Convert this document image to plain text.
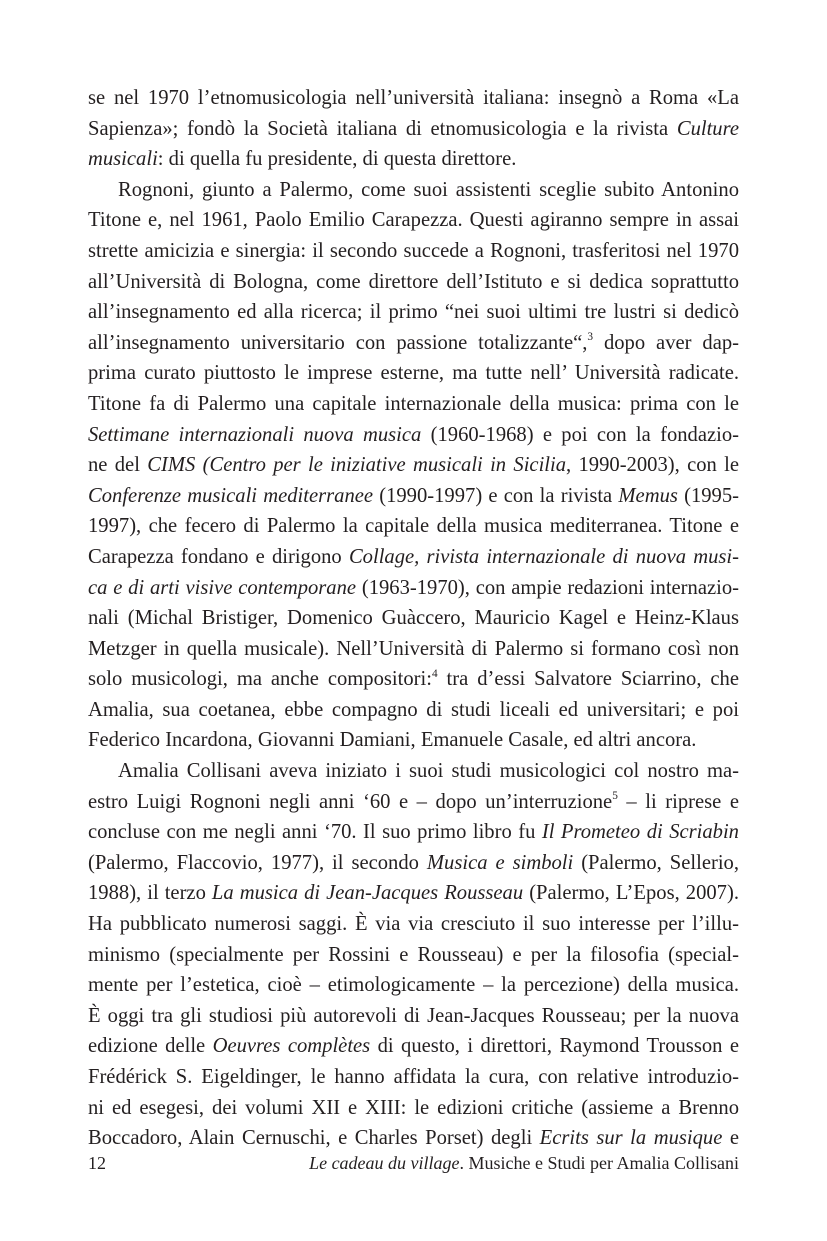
se nel 1970 l’etnomusicologia nell’università italiana: insegnò a Roma «La
Sapienza»; fondò la Società italiana di etnomusicologia e la rivista Culture
musicali: di quella fu presidente, di questa direttore.
Rognoni, giunto a Palermo, come suoi assistenti sceglie subito Antonino
Titone e, nel 1961, Paolo Emilio Carapezza. Questi agiranno sempre in assai
strette amicizia e sinergia: il secondo succede a Rognoni, trasferitosi nel 1970
all’Università di Bologna, come direttore dell’Istituto e si dedica soprattutto
all’insegnamento ed alla ricerca; il primo “nei suoi ultimi tre lustri si dedicò
all’insegnamento universitario con passione totalizzante“,$^3$ dopo aver dap-
prima curato piuttosto le imprese esterne, ma tutte nell’ Università radicate.
Titone fa di Palermo una capitale internazionale della musica: prima con le
Settimane internazionali nuova musica (1960-1968) e poi con la fondazio-
ne del CIMS (Centro per le iniziative musicali in Sicilia, 1990-2003), con le
Conferenze musicali mediterranee (1990-1997) e con la rivista Memus (1995-
1997), che fecero di Palermo la capitale della musica mediterranea. Titone e
Carapezza fondano e dirigono Collage, rivista internazionale di nuova musi-
ca e di arti visive contemporane (1963-1970), con ampie redazioni internazio-
nali (Michal Bristiger, Domenico Guàccero, Mauricio Kagel e Heinz-Klaus
Metzger in quella musicale). Nell’Università di Palermo si formano così non
solo musicologi, ma anche compositori:$^4$ tra d’essi Salvatore Sciarrino, che
Amalia, sua coetanea, ebbe compagno di studi liceali ed universitari; e poi
Federico Incardona, Giovanni Damiani, Emanuele Casale, ed altri ancora.
Amalia Collisani aveva iniziato i suoi studi musicologici col nostro ma-
estro Luigi Rognoni negli anni ‘60 e – dopo un’interruzione$^5$ – li riprese e
concluse con me negli anni ‘70. Il suo primo libro fu Il Prometeo di Scriabin
(Palermo, Flaccovio, 1977), il secondo Musica e simboli (Palermo, Sellerio,
1988), il terzo La musica di Jean-Jacques Rousseau (Palermo, L’Epos, 2007).
Ha pubblicato numerosi saggi. È via via cresciuto il suo interesse per l’illu-
minismo (specialmente per Rossini e Rousseau) e per la filosofia (special-
mente per l’estetica, cioè – etimologicamente – la percezione) della musica.
È oggi tra gli studiosi più autorevoli di Jean-Jacques Rousseau; per la nuova
edizione delle Oeuvres complètes di questo, i direttori, Raymond Trousson e
Frédérick S. Eigeldinger, le hanno affidata la cura, con relative introduzio-
ni ed esegesi, dei volumi XII e XIII: le edizioni critiche (assieme a Brenno
Boccadoro, Alain Cernuschi, e Charles Porset) degli Ecrits sur la musique e
12	Le cadeau du village. Musiche e Studi per Amalia Collisani
